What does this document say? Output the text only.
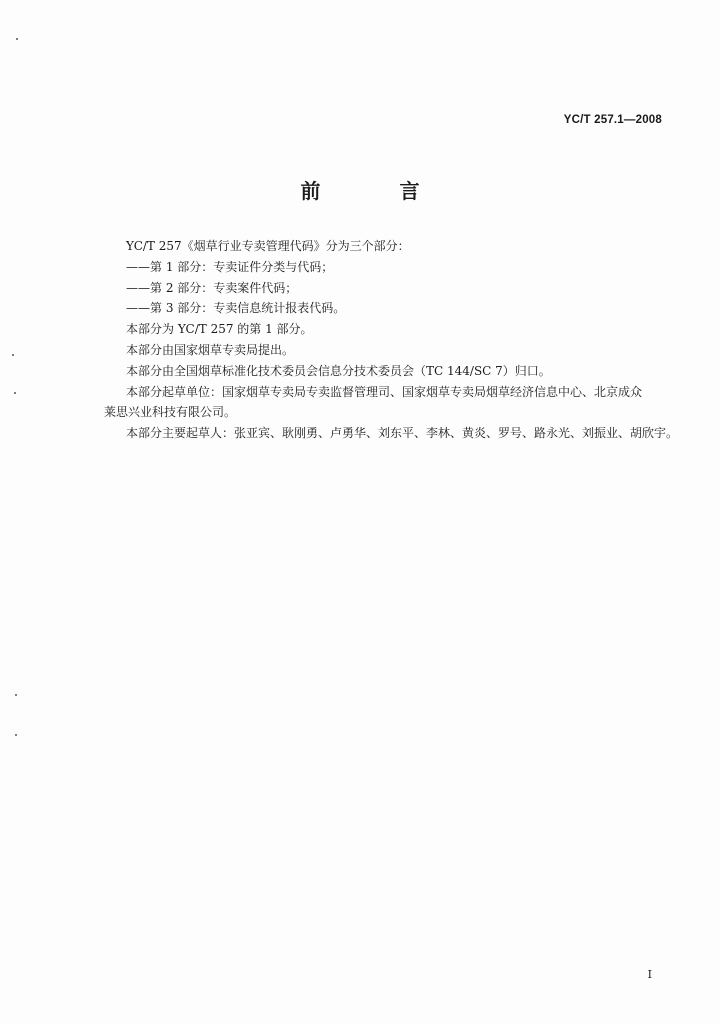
YC/T 257.1—2008
前 言

YC/T 257《烟草行业专卖管理代码》分为三个部分：

——第 1 部分：专卖证件分类与代码；

——第 2 部分：专卖案件代码；

——第 3 部分：专卖信息统计报表代码。

本部分为 YC/T 257 的第 1 部分。

本部分由国家烟草专卖局提出。

本部分由全国烟草标准化技术委员会信息分技术委员会（TC 144/SC 7）归口。

本部分起草单位：国家烟草专卖局专卖监督管理司、国家烟草专卖局烟草经济信息中心、北京成众

莱思兴业科技有限公司。

本部分主要起草人：张亚宾、耿刚勇、卢勇华、刘东平、李林、黄炎、罗号、路永光、刘振业、胡欣宇。

I
